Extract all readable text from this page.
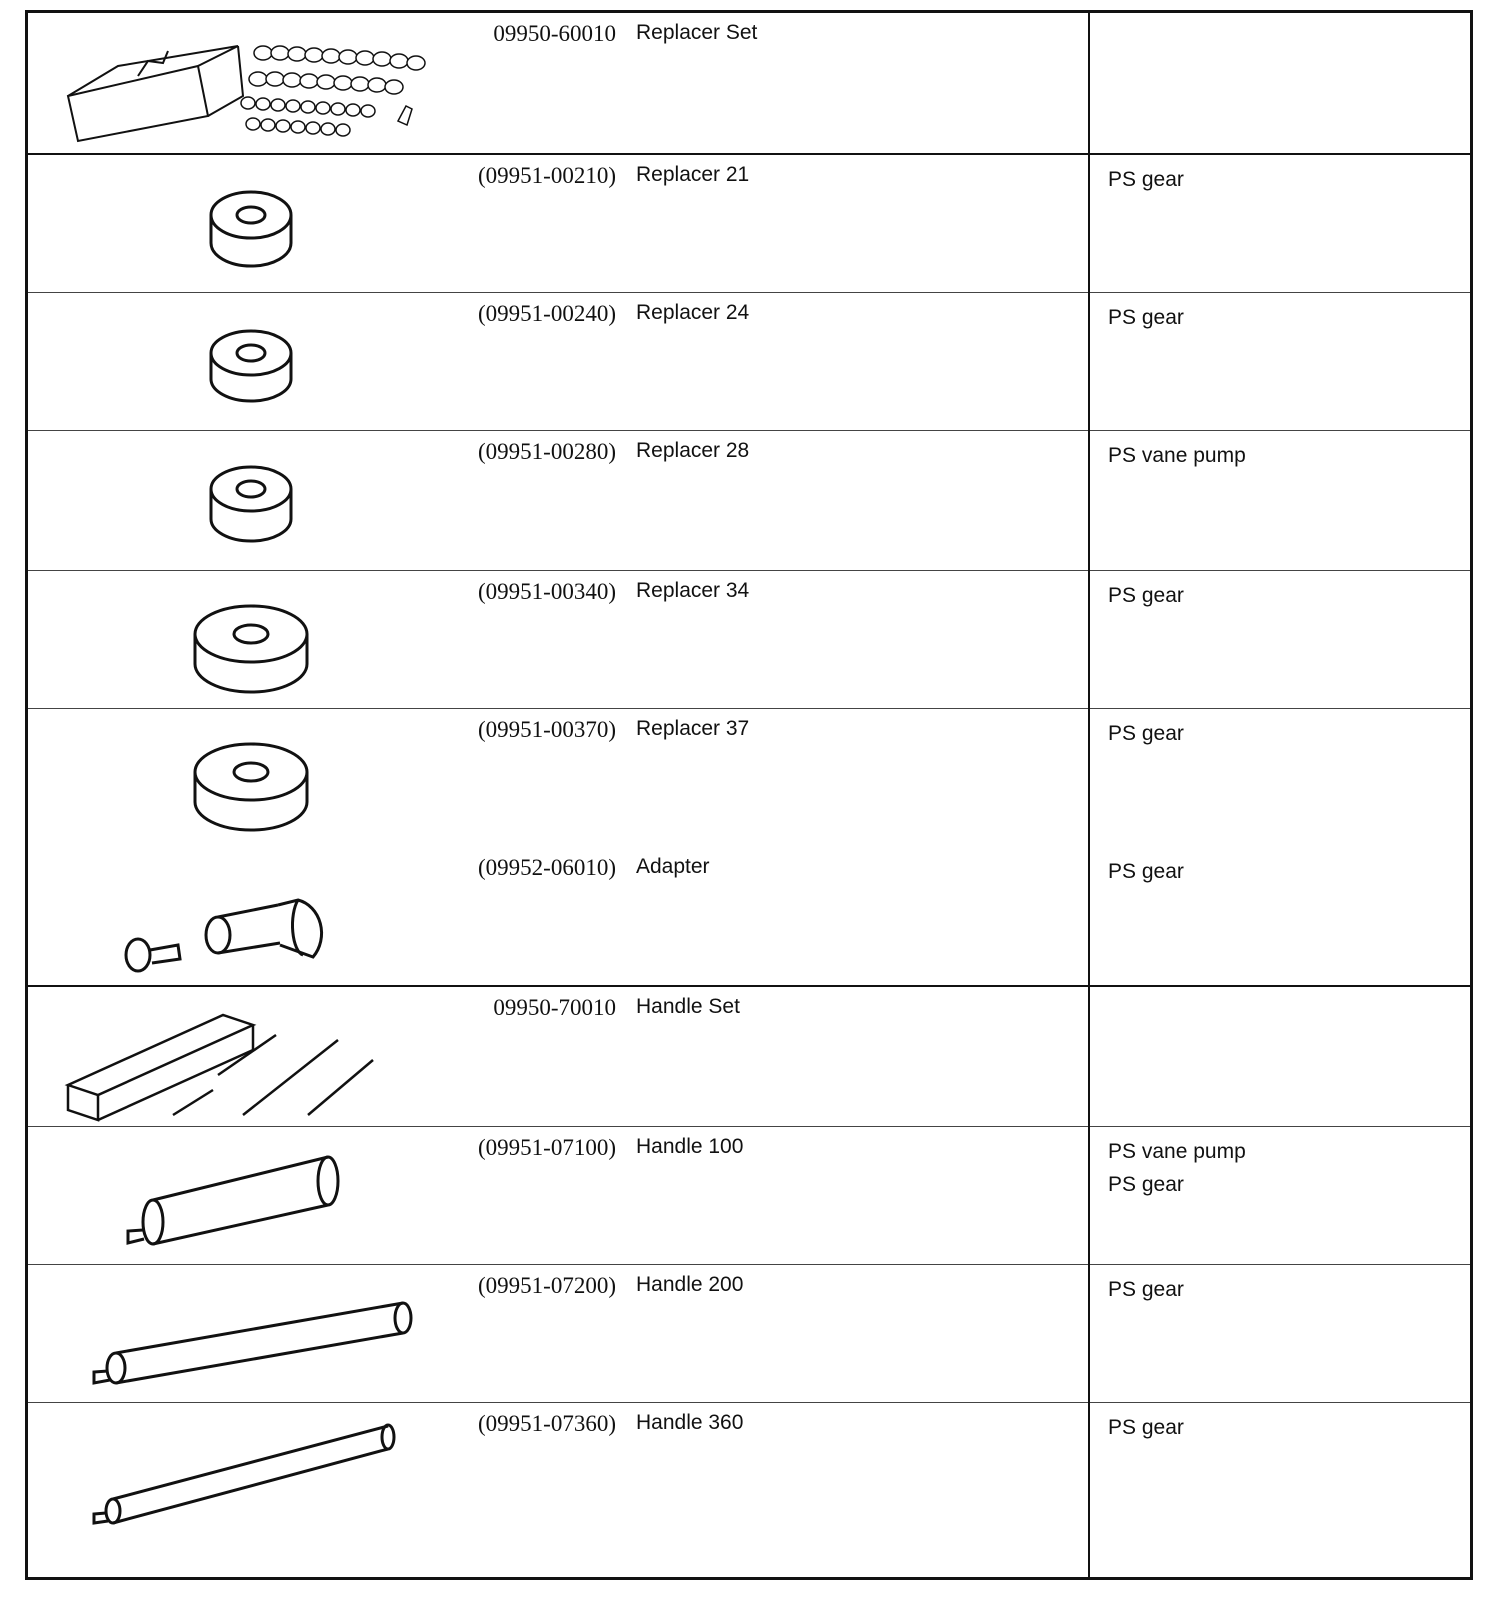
09950-60010 Replacer Set
(09951-00210) Replacer 21	PS gear
(09951-00240) Replacer 24	PS gear
(09951-00280) Replacer 28	PS vane pump
(09951-00340) Replacer 34	PS gear
(09951-00370) Replacer 37	PS gear
(09952-06010) Adapter	PS gear
09950-70010 Handle Set
(09951-07100) Handle 100	PS vane pump
PS gear
(09951-07200) Handle 200	PS gear
(09951-07360) Handle 360	PS gear
